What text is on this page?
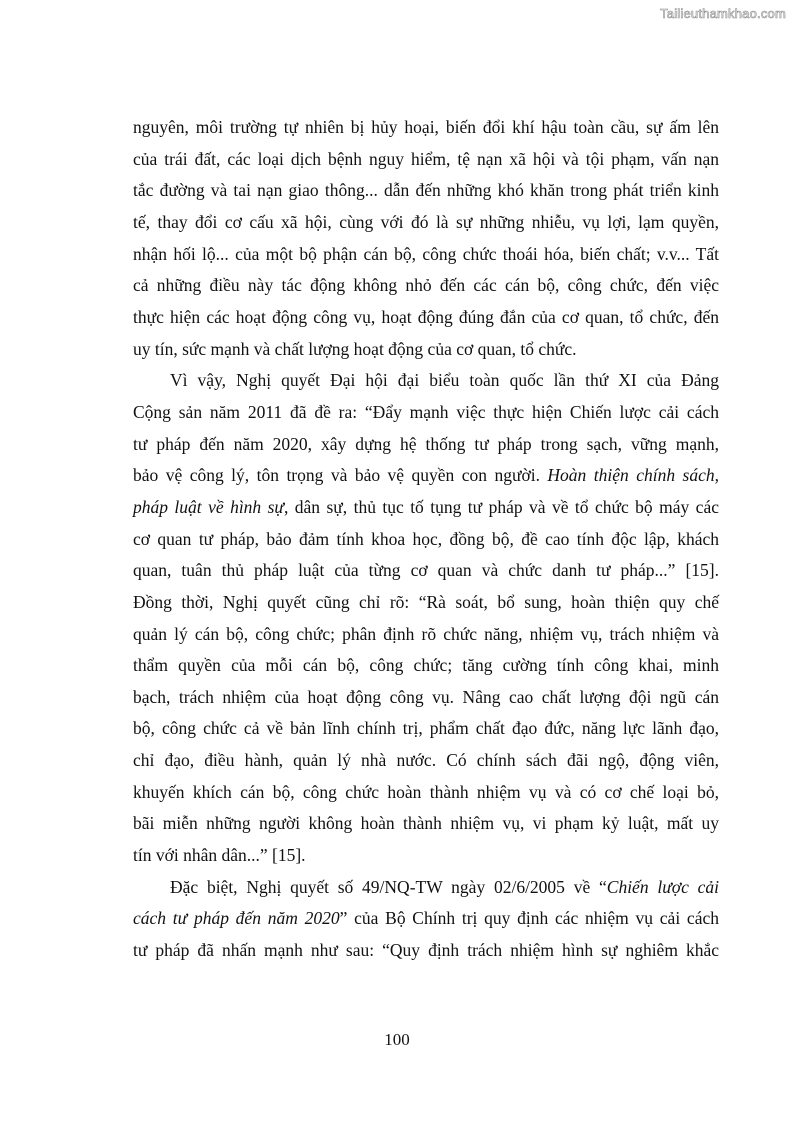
Tailieuthamkhao.com

nguyên, môi trường tự nhiên bị hủy hoại, biến đổi khí hậu toàn cầu, sự ấm lên
của trái đất, các loại dịch bệnh nguy hiểm, tệ nạn xã hội và tội phạm, vấn nạn
tắc đường và tai nạn giao thông... dẫn đến những khó khăn trong phát triển kinh
tế, thay đổi cơ cấu xã hội, cùng với đó là sự những nhiễu, vụ lợi, lạm quyền,
nhận hối lộ... của một bộ phận cán bộ, công chức thoái hóa, biến chất; v.v... Tất
cả những điều này tác động không nhỏ đến các cán bộ, công chức, đến việc
thực hiện các hoạt động công vụ, hoạt động đúng đắn của cơ quan, tổ chức, đến
uy tín, sức mạnh và chất lượng hoạt động của cơ quan, tổ chức.

Vì vậy, Nghị quyết Đại hội đại biểu toàn quốc lần thứ XI của Đảng
Cộng sản năm 2011 đã đề ra: “Đẩy mạnh việc thực hiện Chiến lược cải cách
tư pháp đến năm 2020, xây dựng hệ thống tư pháp trong sạch, vững mạnh,
bảo vệ công lý, tôn trọng và bảo vệ quyền con người. Hoàn thiện chính sách,
pháp luật về hình sự, dân sự, thủ tục tố tụng tư pháp và về tổ chức bộ máy các
cơ quan tư pháp, bảo đảm tính khoa học, đồng bộ, đề cao tính độc lập, khách
quan, tuân thủ pháp luật của từng cơ quan và chức danh tư pháp...” [15].
Đồng thời, Nghị quyết cũng chỉ rõ: “Rà soát, bổ sung, hoàn thiện quy chế
quản lý cán bộ, công chức; phân định rõ chức năng, nhiệm vụ, trách nhiệm và
thẩm quyền của mỗi cán bộ, công chức; tăng cường tính công khai, minh
bạch, trách nhiệm của hoạt động công vụ. Nâng cao chất lượng đội ngũ cán
bộ, công chức cả về bản lĩnh chính trị, phẩm chất đạo đức, năng lực lãnh đạo,
chỉ đạo, điều hành, quản lý nhà nước. Có chính sách đãi ngộ, động viên,
khuyến khích cán bộ, công chức hoàn thành nhiệm vụ và có cơ chế loại bỏ,
bãi miễn những người không hoàn thành nhiệm vụ, vi phạm kỷ luật, mất uy
tín với nhân dân...” [15].

Đặc biệt, Nghị quyết số 49/NQ-TW ngày 02/6/2005 về “Chiến lược cải
cách tư pháp đến năm 2020” của Bộ Chính trị quy định các nhiệm vụ cải cách
tư pháp đã nhấn mạnh như sau: “Quy định trách nhiệm hình sự nghiêm khắc

100
